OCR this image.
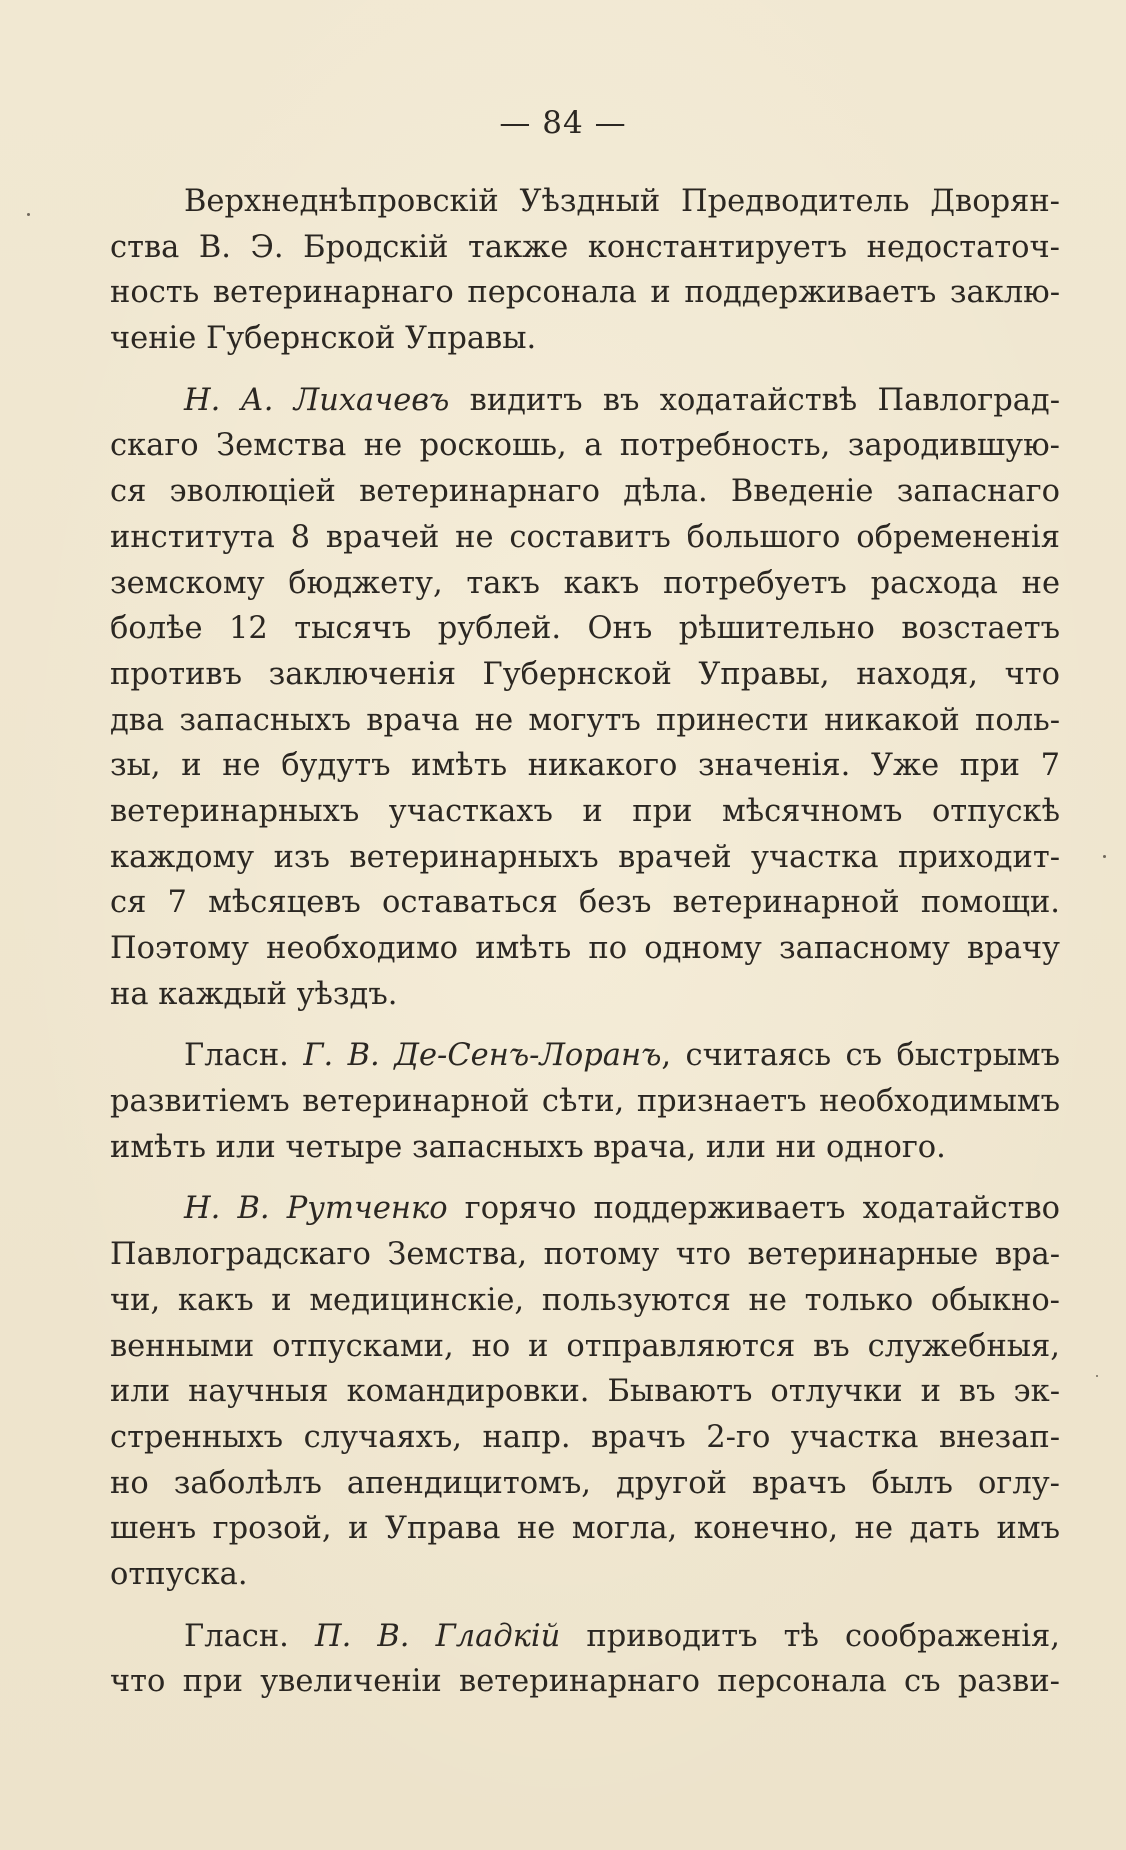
— 84 —
Верхнеднѣпровскій Уѣздный Предводитель Дворян-
ства В. Э. Бродскій также константируетъ недостаточ-
ность ветеринарнаго персонала и поддерживаетъ заклю-
ченіе Губернской Управы.
Н. А. Лихачевъ видитъ въ ходатайствѣ Павлоград-
скаго Земства не роскошь, а потребность, зародившую-
ся эволюціей ветеринарнаго дѣла. Введеніе запаснаго
института 8 врачей не составитъ большого обремененія
земскому бюджету, такъ какъ потребуетъ расхода не
болѣе 12 тысячъ рублей. Онъ рѣшительно возстаетъ
противъ заключенія Губернской Управы, находя, что
два запасныхъ врача не могутъ принести никакой поль-
зы, и не будутъ имѣть никакого значенія. Уже при 7
ветеринарныхъ участкахъ и при мѣсячномъ отпускѣ
каждому изъ ветеринарныхъ врачей участка приходит-
ся 7 мѣсяцевъ оставаться безъ ветеринарной помощи.
Поэтому необходимо имѣть по одному запасному врачу
на каждый уѣздъ.
Гласн. Г. В. Де-Сенъ-Лоранъ, считаясь съ быстрымъ
развитіемъ ветеринарной сѣти, признаетъ необходимымъ
имѣть или четыре запасныхъ врача, или ни одного.
Н. В. Рутченко горячо поддерживаетъ ходатайство
Павлоградскаго Земства, потому что ветеринарные вра-
чи, какъ и медицинскіе, пользуются не только обыкно-
венными отпусками, но и отправляются въ служебныя,
или научныя командировки. Бываютъ отлучки и въ эк-
стренныхъ случаяхъ, напр. врачъ 2-го участка внезап-
но заболѣлъ апендицитомъ, другой врачъ былъ оглу-
шенъ грозой, и Управа не могла, конечно, не дать имъ
отпуска.
Гласн. П. В. Гладкій приводитъ тѣ соображенія,
что при увеличеніи ветеринарнаго персонала съ разви-
